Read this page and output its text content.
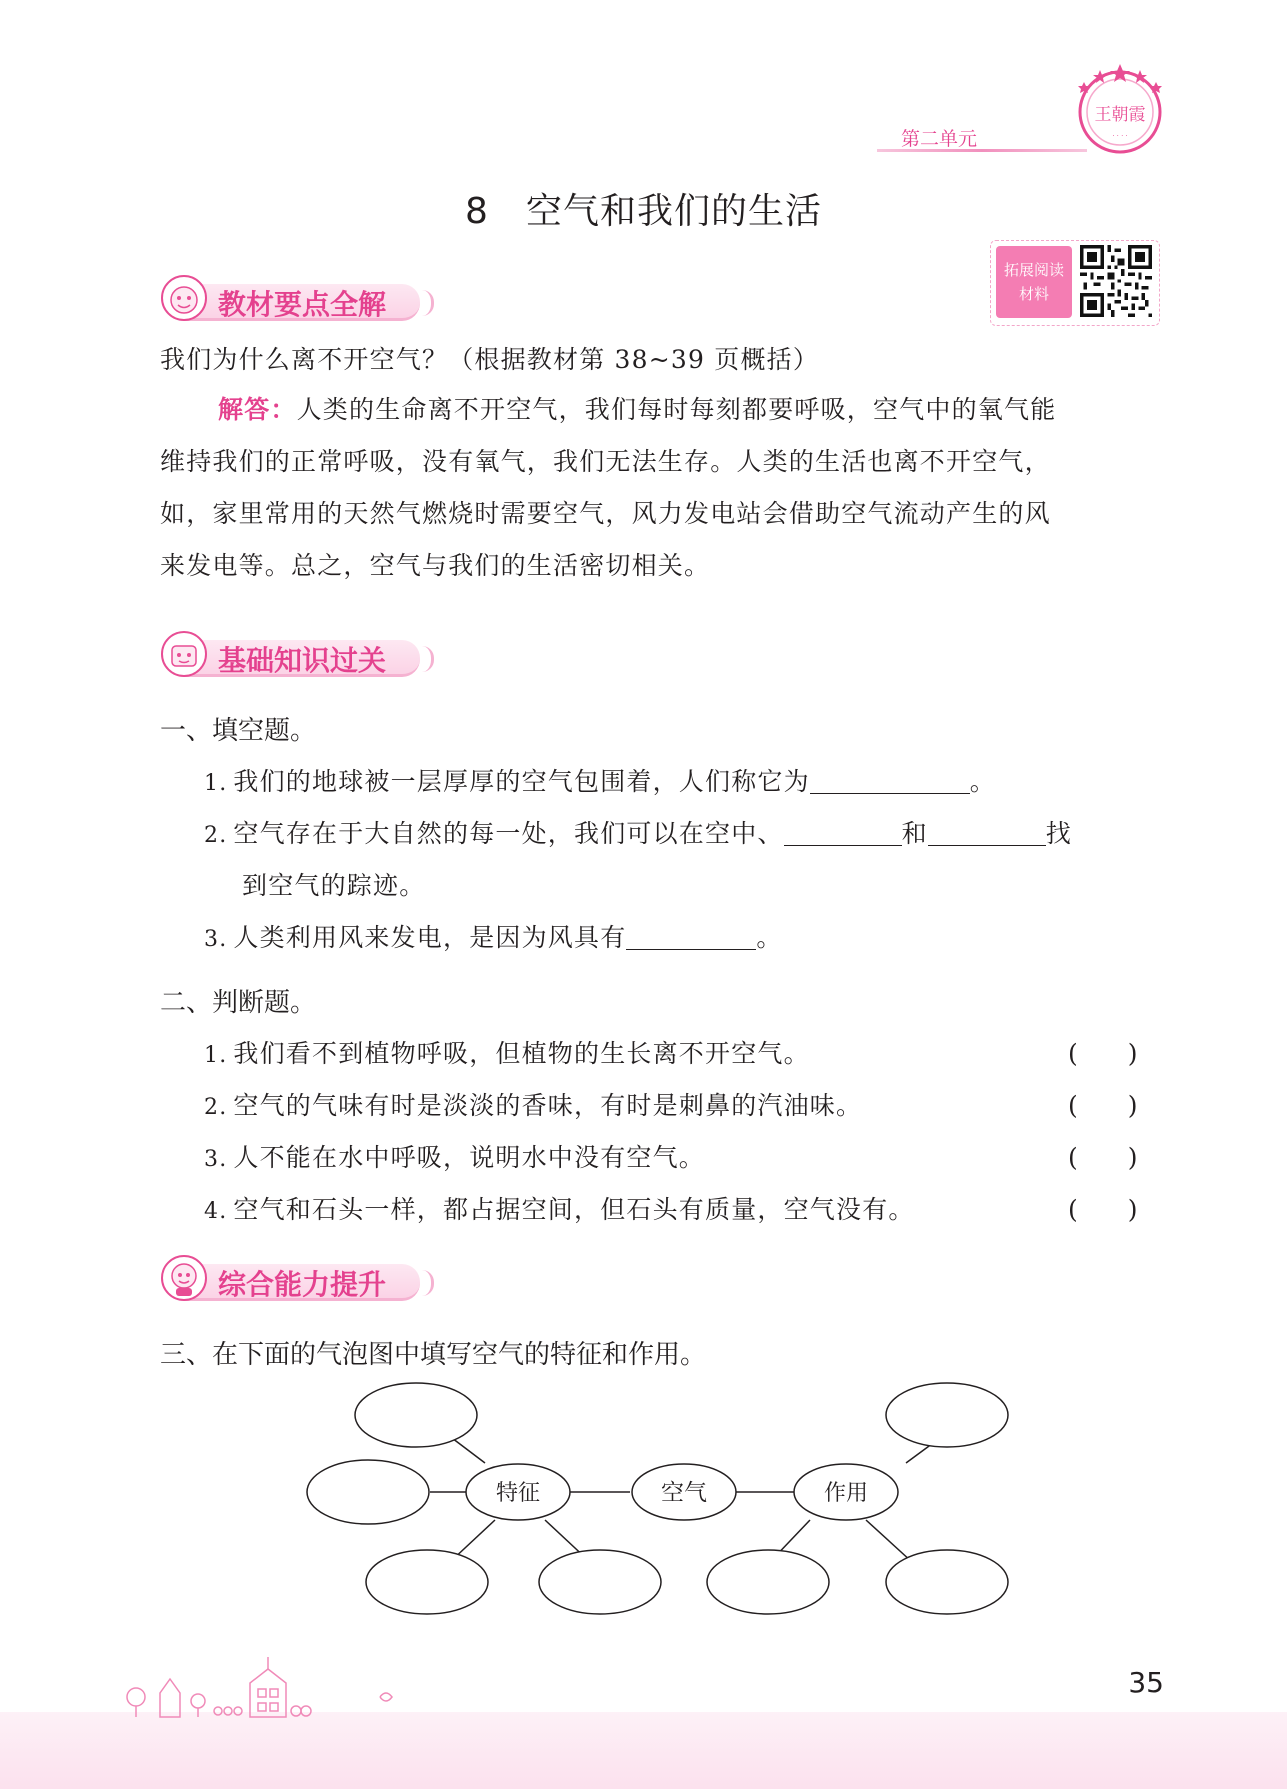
第二单元
王朝霞
· · · ·
8　空气和我们的生活
拓展阅读
材料
教材要点全解
我们为什么离不开空气？（根据教材第 38~39 页概括）
解答：人类的生命离不开空气，我们每时每刻都要呼吸，空气中的氧气能
维持我们的正常呼吸，没有氧气，我们无法生存。人类的生活也离不开空气，
如，家里常用的天然气燃烧时需要空气，风力发电站会借助空气流动产生的风
来发电等。总之，空气与我们的生活密切相关。
基础知识过关
一、填空题。
1. 我们的地球被一层厚厚的空气包围着，人们称它为	。
2. 空气存在于大自然的每一处，我们可以在空中、	和	找
到空气的踪迹。
3. 人类利用风来发电，是因为风具有	。
二、判断题。
1. 我们看不到植物呼吸，但植物的生长离不开空气。	(　　)
2. 空气的气味有时是淡淡的香味，有时是刺鼻的汽油味。	(　　)
3. 人不能在水中呼吸，说明水中没有空气。	(　　)
4. 空气和石头一样，都占据空间，但石头有质量，空气没有。	(　　)
综合能力提升
三、在下面的气泡图中填写空气的特征和作用。
特征	空气	作用
35
